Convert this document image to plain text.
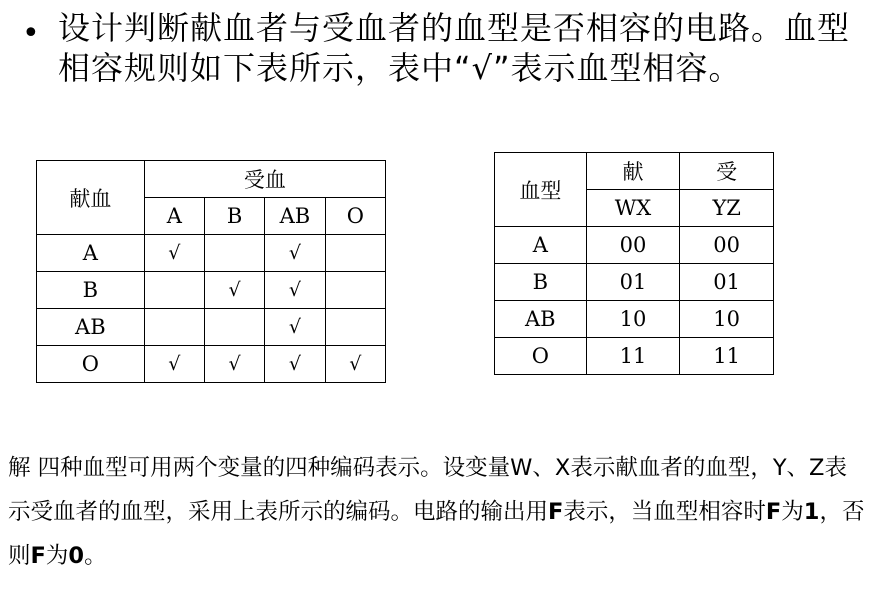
• 设计判断献血者与受血者的血型是否相容的电路。血型相容规则如下表所示，表中“√”表示血型相容。
献血	受血			
	A	B	AB	O
A	√		√	
B		√	√	
AB			√	
O	√	√	√	√
血型	献	受
	WX	YZ
A	00	00
B	01	01
AB	10	10
O	11	11
解 四种血型可用两个变量的四种编码表示。设变量W、X表示献血者的血型，Y、Z表示受血者的血型，采用上表所示的编码。电路的输出用F表示，当血型相容时F为1，否则F为0。
